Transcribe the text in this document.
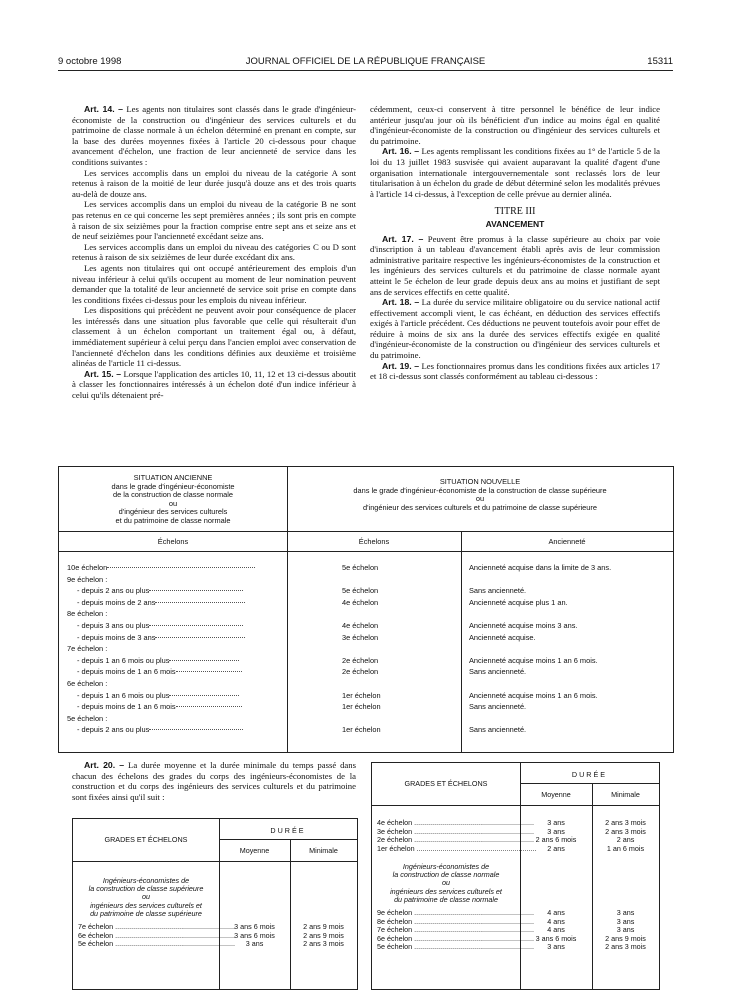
9 octobre 1998	JOURNAL OFFICIEL DE LA RÉPUBLIQUE FRANÇAISE	15311

Art. 14. – Les agents non titulaires sont classés dans le grade d'ingénieur-économiste de la construction ou d'ingénieur des services culturels et du patrimoine de classe normale à un échelon déterminé en prenant en compte, sur la base des durées moyennes fixées à l'article 20 ci-dessous pour chaque avancement d'échelon, une fraction de leur ancienneté de service dans les conditions suivantes :

Les services accomplis dans un emploi du niveau de la catégorie A sont retenus à raison de la moitié de leur durée jusqu'à douze ans et des trois quarts au-delà de douze ans.

Les services accomplis dans un emploi du niveau de la catégorie B ne sont pas retenus en ce qui concerne les sept premières années ; ils sont pris en compte à raison de six seizièmes pour la fraction comprise entre sept ans et seize ans et de neuf seizièmes pour l'ancienneté excédant seize ans.

Les services accomplis dans un emploi du niveau des catégories C ou D sont retenus à raison de six seizièmes de leur durée excédant dix ans.

Les agents non titulaires qui ont occupé antérieurement des emplois d'un niveau inférieur à celui qu'ils occupent au moment de leur nomination peuvent demander que la totalité de leur ancienneté de service soit prise en compte dans les conditions fixées ci-dessus pour les emplois du niveau inférieur.

Les dispositions qui précèdent ne peuvent avoir pour conséquence de placer les intéressés dans une situation plus favorable que celle qui résulterait d'un classement à un échelon comportant un traitement égal ou, à défaut, immédiatement supérieur à celui perçu dans l'ancien emploi avec conservation de l'ancienneté d'échelon dans les conditions définies aux deuxième et troisième alinéas de l'article 11 ci-dessus.

Art. 15. – Lorsque l'application des articles 10, 11, 12 et 13 ci-dessus aboutit à classer les fonctionnaires intéressés à un échelon doté d'un indice inférieur à celui qu'ils détenaient pré-

cédemment, ceux-ci conservent à titre personnel le bénéfice de leur indice antérieur jusqu'au jour où ils bénéficient d'un indice au moins égal en qualité d'ingénieur-économiste de la construction ou d'ingénieur des services culturels et du patrimoine.

Art. 16. – Les agents remplissant les conditions fixées au 1° de l'article 5 de la loi du 13 juillet 1983 susvisée qui avaient auparavant la qualité d'agent d'une organisation internationale intergouvernementale sont reclassés lors de leur titularisation à un échelon du grade de début déterminé selon les modalités prévues à l'article 14 ci-dessus, à l'exception de celle prévue au dernier alinéa.

TITRE III
AVANCEMENT

Art. 17. – Peuvent être promus à la classe supérieure au choix par voie d'inscription à un tableau d'avancement établi après avis de leur commission administrative paritaire respective les ingénieurs-économistes de la construction et les ingénieurs des services culturels et du patrimoine de classe normale ayant atteint le 5e échelon de leur grade depuis deux ans au moins et justifiant de sept ans de services effectifs en cette qualité.

Art. 18. – La durée du service militaire obligatoire ou du service national actif effectivement accompli vient, le cas échéant, en déduction des services effectifs exigés à l'article précédent. Ces déductions ne peuvent toutefois avoir pour effet de réduire à moins de six ans la durée des services effectifs exigée en qualité d'ingénieur-économiste de la construction ou d'ingénieur des services culturels et du patrimoine.

Art. 19. – Les fonctionnaires promus dans les conditions fixées aux articles 17 et 18 ci-dessus sont classés conformément au tableau ci-dessous :

SITUATION ANCIENNE
dans le grade d'ingénieur-économiste
de la construction de classe normale
ou
d'ingénieur des services culturels
et du patrimoine de classe normale
SITUATION NOUVELLE
dans le grade d'ingénieur-économiste de la construction de classe supérieure
ou
d'ingénieur des services culturels et du patrimoine de classe supérieure
Échelons	Échelons	Ancienneté
10e échelon	5e échelon	Ancienneté acquise dans la limite de 3 ans.
9e échelon :
- depuis 2 ans ou plus	5e échelon	Sans ancienneté.
- depuis moins de 2 ans	4e échelon	Ancienneté acquise plus 1 an.
8e échelon :
- depuis 3 ans ou plus	4e échelon	Ancienneté acquise moins 3 ans.
- depuis moins de 3 ans	3e échelon	Ancienneté acquise.
7e échelon :
- depuis 1 an 6 mois ou plus	2e échelon	Ancienneté acquise moins 1 an 6 mois.
- depuis moins de 1 an 6 mois	2e échelon	Sans ancienneté.
6e échelon :
- depuis 1 an 6 mois ou plus	1er échelon	Ancienneté acquise moins 1 an 6 mois.
- depuis moins de 1 an 6 mois	1er échelon	Sans ancienneté.
5e échelon :
- depuis 2 ans ou plus	1er échelon	Sans ancienneté.

Art. 20. – La durée moyenne et la durée minimale du temps passé dans chacun des échelons des grades du corps des ingénieurs-économistes de la construction et du corps des ingénieurs des services culturels et du patrimoine sont fixées ainsi qu'il suit :

GRADES ET ÉCHELONS
DURÉE
Moyenne	Minimale
Ingénieurs-économistes de
la construction de classe supérieure
ou
ingénieurs des services culturels et
du patrimoine de classe supérieure
7e échelon ............................................................ 3 ans 6 mois	2 ans 9 mois
6e échelon ............................................................ 3 ans 6 mois	2 ans 9 mois
5e échelon ............................................................	3 ans	2 ans 3 mois
GRADES ET ÉCHELONS
DURÉE
Moyenne	Minimale
Ingénieurs-économistes de
la construction de classe normale
ou
ingénieurs des services culturels et
du patrimoine de classe normale
4e échelon ............................................................	3 ans	2 ans 3 mois
3e échelon ............................................................	3 ans	2 ans 3 mois
2e échelon ............................................................ 2 ans 6 mois	2 ans
1er échelon ............................................................	2 ans	1 an 6 mois
9e échelon ............................................................	4 ans	3 ans
8e échelon ............................................................	4 ans	3 ans
7e échelon ............................................................	4 ans	3 ans
6e échelon ............................................................ 3 ans 6 mois	2 ans 9 mois
5e échelon ............................................................	3 ans	2 ans 3 mois
